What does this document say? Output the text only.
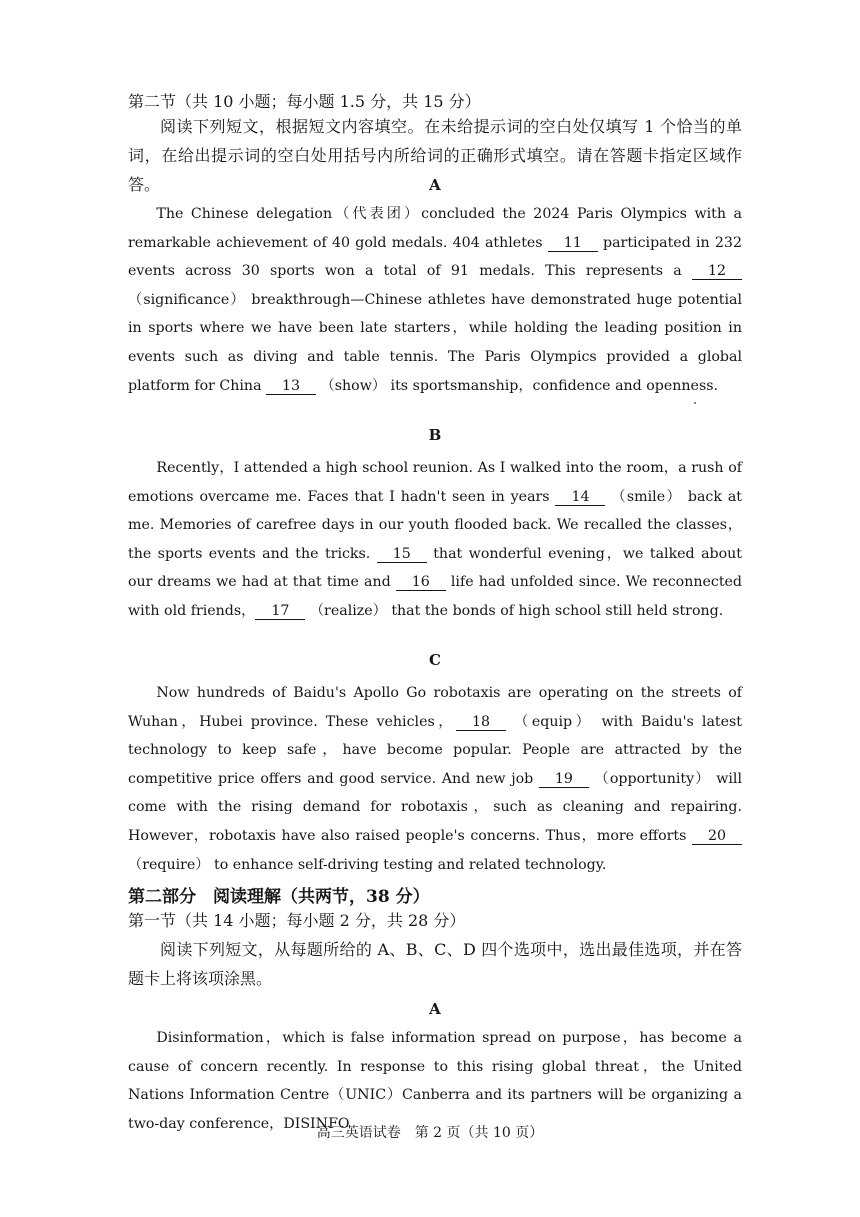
第二节（共 10 小题；每小题 1.5 分，共 15 分）
阅读下列短文，根据短文内容填空。在未给提示词的空白处仅填写 1 个恰当的单词，在给出提示词的空白处用括号内所给词的正确形式填空。请在答题卡指定区域作答。	A
The Chinese delegation（代表团）concluded the 2024 Paris Olympics with a remarkable achievement of 40 gold medals. 404 athletes 11 participated in 232 events across 30 sports won a total of 91 medals. This represents a 12 （significance） breakthrough—Chinese athletes have demonstrated huge potential in sports where we have been late starters，while holding the leading position in events such as diving and table tennis. The Paris Olympics provided a global platform for China 13 （show） its sportsmanship，confidence and openness.
B
Recently，I attended a high school reunion. As I walked into the room，a rush of emotions overcame me. Faces that I hadn't seen in years 14 （smile） back at me. Memories of carefree days in our youth flooded back. We recalled the classes，the sports events and the tricks. 15 that wonderful evening，we talked about our dreams we had at that time and 16 life had unfolded since. We reconnected with old friends， 17 （realize） that the bonds of high school still held strong.
C
Now hundreds of Baidu's Apollo Go robotaxis are operating on the streets of Wuhan，Hubei province. These vehicles， 18 （equip） with Baidu's latest technology to keep safe，have become popular. People are attracted by the competitive price offers and good service. And new job 19 （opportunity） will come with the rising demand for robotaxis，such as cleaning and repairing. However，robotaxis have also raised people's concerns. Thus，more efforts 20 （require） to enhance self-driving testing and related technology.
第二部分　阅读理解（共两节，38 分）
第一节（共 14 小题；每小题 2 分，共 28 分）
阅读下列短文，从每题所给的 A、B、C、D 四个选项中，选出最佳选项，并在答题卡上将该项涂黑。
A
Disinformation，which is false information spread on purpose，has become a cause of concern recently. In response to this rising global threat，the United Nations Information Centre（UNIC）Canberra and its partners will be organizing a two-day conference，DISINFO
高三英语试卷　第 2 页（共 10 页）
